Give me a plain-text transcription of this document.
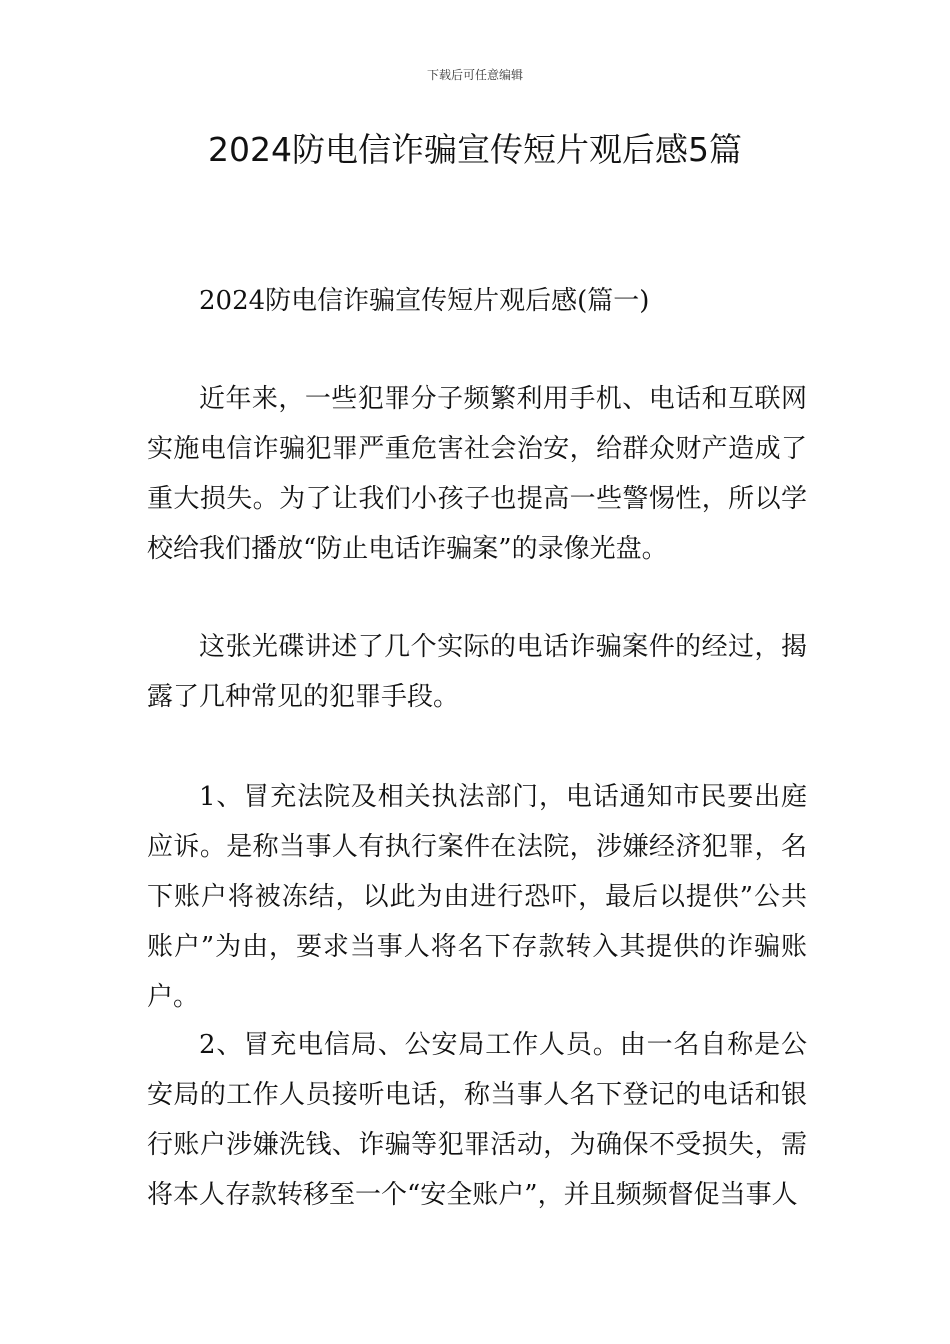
下载后可任意编辑
2024防电信诈骗宣传短片观后感5篇

2024防电信诈骗宣传短片观后感(篇一)

近年来，一些犯罪分子频繁利用手机、电话和互联网实施电信诈骗犯罪严重危害社会治安，给群众财产造成了重大损失。为了让我们小孩子也提高一些警惕性，所以学校给我们播放“防止电话诈骗案”的录像光盘。

这张光碟讲述了几个实际的电话诈骗案件的经过，揭露了几种常见的犯罪手段。

1、冒充法院及相关执法部门，电话通知市民要出庭应诉。是称当事人有执行案件在法院，涉嫌经济犯罪，名下账户将被冻结，以此为由进行恐吓，最后以提供”公共账户”为由，要求当事人将名下存款转入其提供的诈骗账户。

2、冒充电信局、公安局工作人员。由一名自称是公安局的工作人员接听电话，称当事人名下登记的电话和银行账户涉嫌洗钱、诈骗等犯罪活动，为确保不受损失，需将本人存款转移至一个“安全账户”，并且频频督促当事人
